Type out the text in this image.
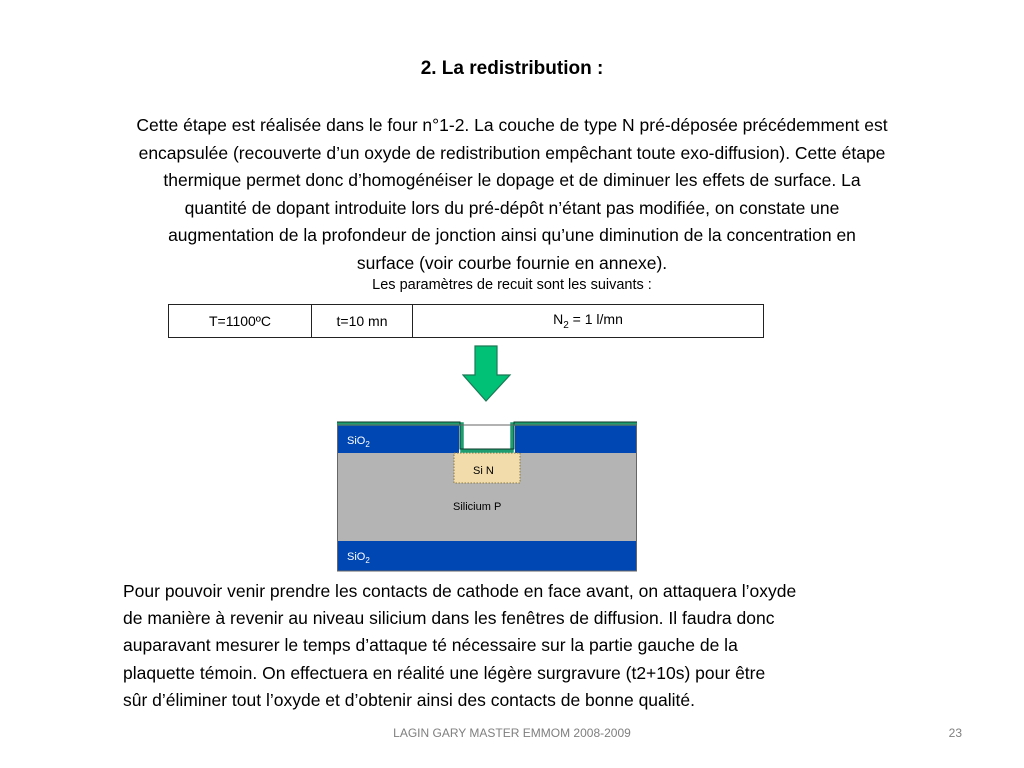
2. La redistribution :
Cette étape est réalisée dans le four n°1-2. La couche de type N pré-déposée précédemment est
encapsulée (recouverte d’un oxyde de redistribution empêchant toute exo-diffusion). Cette étape
thermique permet donc d’homogénéiser le dopage et de diminuer les effets de surface. La
quantité de dopant introduite lors du pré-dépôt n’étant pas modifiée, on constate une
augmentation de la profondeur de jonction ainsi qu’une diminution de la concentration en
surface (voir courbe fournie en annexe).
Les paramètres de recuit sont les suivants :
T=1100ºC	t=10 mn	$N_2 = 1$ l/mn
SiO$_2$
Si N
Silicium P
SiO$_2$
Pour pouvoir venir prendre les contacts de cathode en face avant, on attaquera l’oxyde
de manière à revenir au niveau silicium dans les fenêtres de diffusion. Il faudra donc
auparavant mesurer le temps d’attaque té nécessaire sur la partie gauche de la
plaquette témoin. On effectuera en réalité une légère surgravure (t2+10s) pour être
sûr d’éliminer tout l’oxyde et d’obtenir ainsi des contacts de bonne qualité.
LAGIN GARY MASTER EMMOM 2008-2009	23
